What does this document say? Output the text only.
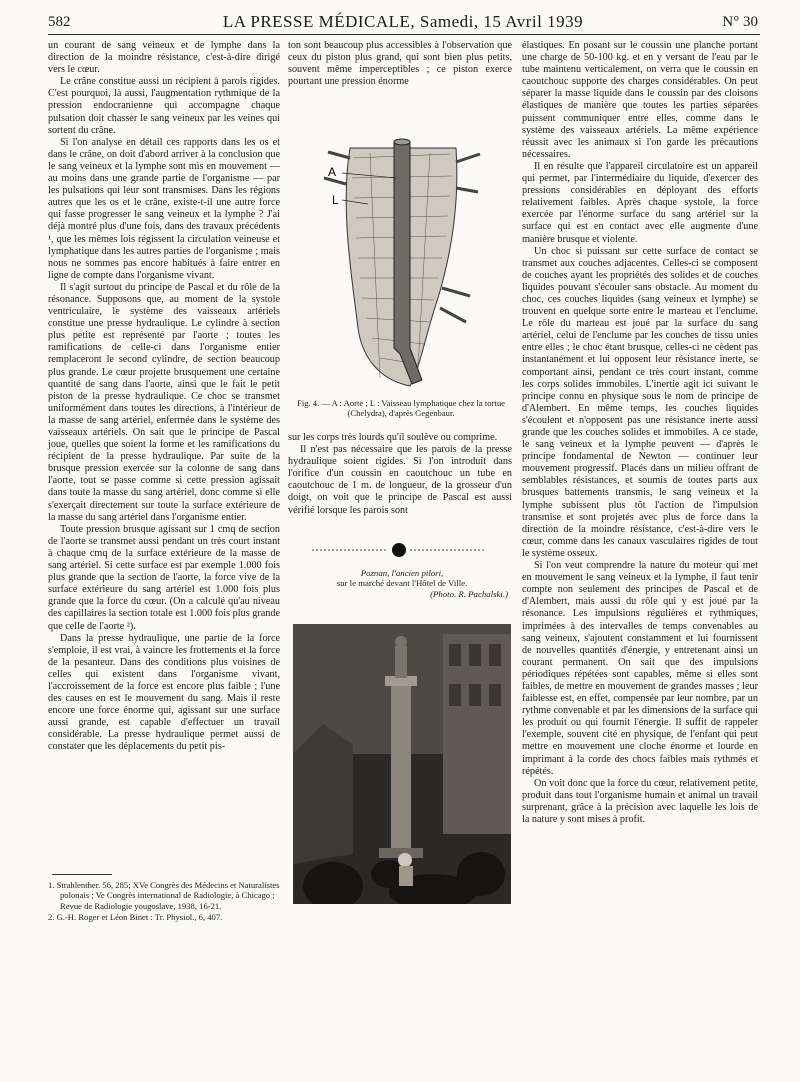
582	LA PRESSE MÉDICALE, Samedi, 15 Avril 1939	N° 30

un courant de sang veineux et de lymphe dans la direction de la moindre résistance, c'est-à-dire dirigé vers le cœur.

Le crâne constitue aussi un récipient à parois rigides. C'est pourquoi, là aussi, l'augmentation rythmique de la pression endocranienne qui accompagne chaque pulsation doit chasser le sang veineux par les veines qui sortent du crâne.

Si l'on analyse en détail ces rapports dans les os et dans le crâne, on doit d'abord arriver à la conclusion que le sang veineux et la lymphe sont mis en mouvement — au moins dans une grande partie de l'organisme — par les pulsations qui leur sont transmises. Dans les régions autres que les os et le crâne, existe-t-il une autre force qui fasse progresser le sang veineux et la lymphe ? J'ai déjà montré plus d'une fois, dans des travaux précédents ¹, que les mêmes lois régissent la circulation veineuse et lymphatique dans les autres parties de l'organisme ; mais nous ne sommes pas encore habitués à faire entrer en ligne de compte dans l'organisme vivant.

Il s'agit surtout du principe de Pascal et du rôle de la résonance. Supposons que, au moment de la systole ventriculaire, le système des vaisseaux artériels constitue une presse hydraulique. Le cylindre à section plus petite est représenté par l'aorte ; toutes les ramifications de celle-ci dans l'organisme entier remplaceront le second cylindre, de section beaucoup plus grande. Le cœur projette brusquement une certaine quantité de sang dans l'aorte, ainsi que le fait le petit piston de la presse hydraulique. Ce choc se transmet uniformément dans toutes les directions, à l'intérieur de la masse de sang artériel, enfermée dans le système des vaisseaux artériels. On sait que le principe de Pascal joue, quelles que soient la forme et les ramifications du récipient de la presse hydraulique. Par suite de la brusque pression exercée sur la colonne de sang dans l'aorte, tout se passe comme si cette pression agissait dans toute la masse du sang artériel, donc comme si elle s'exerçait directement sur toute la surface extérieure de la masse du sang artériel dans l'organisme entier.

Toute pression brusque agissant sur 1 cmq de section de l'aorte se transmet aussi pendant un très court instant à chaque cmq de la surface extérieure de la masse de sang artériel. Si cette surface est par exemple 1.000 fois plus grande que la section de l'aorte, la force vive de la surface extérieure du sang artériel est 1.000 fois plus grande que la force du cœur. (On a calculé qu'au niveau des capillaires la section totale est 1.000 fois plus grande que celle de l'aorte ²).

Dans la presse hydraulique, une partie de la force s'emploie, il est vrai, à vaincre les frottements et la force de la pesanteur. Dans des conditions plus voisines de celles qui existent dans l'organisme vivant, l'accroissement de la force est encore plus faible ; l'une des causes en est le mouvement du sang. Mais il reste encore une force énorme qui, agissant sur une surface aussi grande, est capable d'effectuer un travail considérable. La presse hydraulique permet aussi de constater que les déplacements du petit pis-

1. Strahlenther. 56, 285; XVe Congrès des Médecins et Naturalistes polonais ; Ve Congrès international de Radiologie, à Chicago ; Revue de Radiologie yougoslave, 1938, 16-21.

2. G.-H. Roger et Léon Binet : Tr. Physiol., 6, 407.

ton sont beaucoup plus accessibles à l'observation que ceux du piston plus grand, qui sont bien plus petits, souvent même imperceptibles ; ce piston exerce pourtant une pression énorme

A
L
Fig. 4. — A : Aorte ; L : Vaisseau lymphatique chez la tortue (Chelydra), d'après Gegenbaur.

sur les corps très lourds qu'il soulève ou comprime.

Il n'est pas nécessaire que les parois de la presse hydraulique soient rigides. Si l'on introduit dans l'orifice d'un coussin en caoutchouc un tube en caoutchouc de 1 m. de longueur, de la grosseur d'un doigt, on voit que le principe de Pascal est aussi vérifié lorsque les parois sont

Poznan, l'ancien pilori,
sur le marché devant l'Hôtel de Ville.
(Photo. R. Pachalski.)

élastiques. En posant sur le coussin une planche portant une charge de 50-100 kg. et en y versant de l'eau par le tube maintenu verticalement, on verra que le coussin en caoutchouc supporte des charges considérables. On peut séparer la masse liquide dans le coussin par des cloisons élastiques de manière que toutes les parties séparées puissent communiquer entre elles, comme dans le système des vaisseaux artériels. La même expérience réussit avec les animaux si l'on garde les précautions nécessaires.

Il en résulte que l'appareil circulatoire est un appareil qui permet, par l'intermédiaire du liquide, d'exercer des pressions considérables en déployant des efforts relativement faibles. Après chaque systole, la force exercée par l'énorme surface du sang artériel sur la surface qui est en contact avec elle augmente d'une manière brusque et violente.

Un choc si puissant sur cette surface de contact se transmet aux couches adjacentes. Celles-ci se composent de couches ayant les propriétés des solides et de couches liquides pouvant s'écouler sans obstacle. Au moment du choc, ces couches liquides (sang veineux et lymphe) se trouvent en quelque sorte entre le marteau et l'enclume. Le rôle du marteau est joué par la surface du sang artériel, celui de l'enclume par les couches de tissu unies entre elles ; le choc étant brusque, celles-ci ne cèdent pas instantanément et lui opposent leur résistance inerte, se comportant ainsi, pendant ce très court instant, comme les corps solides immobiles. L'inertie agit ici suivant le principe connu en physique sous le nom de principe de d'Alembert. En même temps, les couches liquides s'écoulent et n'opposent pas une résistance inerte aussi grande que les couches solides et immobiles. A ce stade, le sang veineux et la lymphe peuvent — d'après le principe fondamental de Newton — continuer leur mouvement progressif. Placés dans un milieu offrant de semblables résistances, et soumis de toutes parts aux brusques battements transmis, le sang veineux et la lymphe subissent plus tôt l'action de l'impulsion transmise et sont projetés avec plus de force dans la direction de la moindre résistance, c'est-à-dire vers le cœur, comme dans les canaux vasculaires rigides de tout le système osseux.

Si l'on veut comprendre la nature du moteur qui met en mouvement le sang veineux et la lymphe, il faut tenir compte non seulement des principes de Pascal et de d'Alembert, mais aussi du rôle qui y est joué par la résonance. Les impulsions régulières et rythmiques, imprimées à des intervalles de temps convenables au sang veineux, s'ajoutent constamment et lui fournissent de nouvelles quantités d'énergie, y entretenant ainsi un courant permanent. On sait que des impulsions périodiques répétées sont capables, même si elles sont faibles, de mettre en mouvement de grandes masses ; leur faiblesse est, en effet, compensée par leur nombre, par un rythme convenable et par les dimensions de la surface qui les produit ou qui fournit l'énergie. Il suffit de rappeler l'exemple, souvent cité en physique, de l'enfant qui peut mettre en mouvement une cloche énorme et lourde en imprimant à la corde des chocs faibles mais rythmés et répétés.

On voit donc que la force du cœur, relativement petite, produit dans tout l'organisme humain et animal un travail surprenant, grâce à la précision avec laquelle les lois de la nature y sont mises à profit.
